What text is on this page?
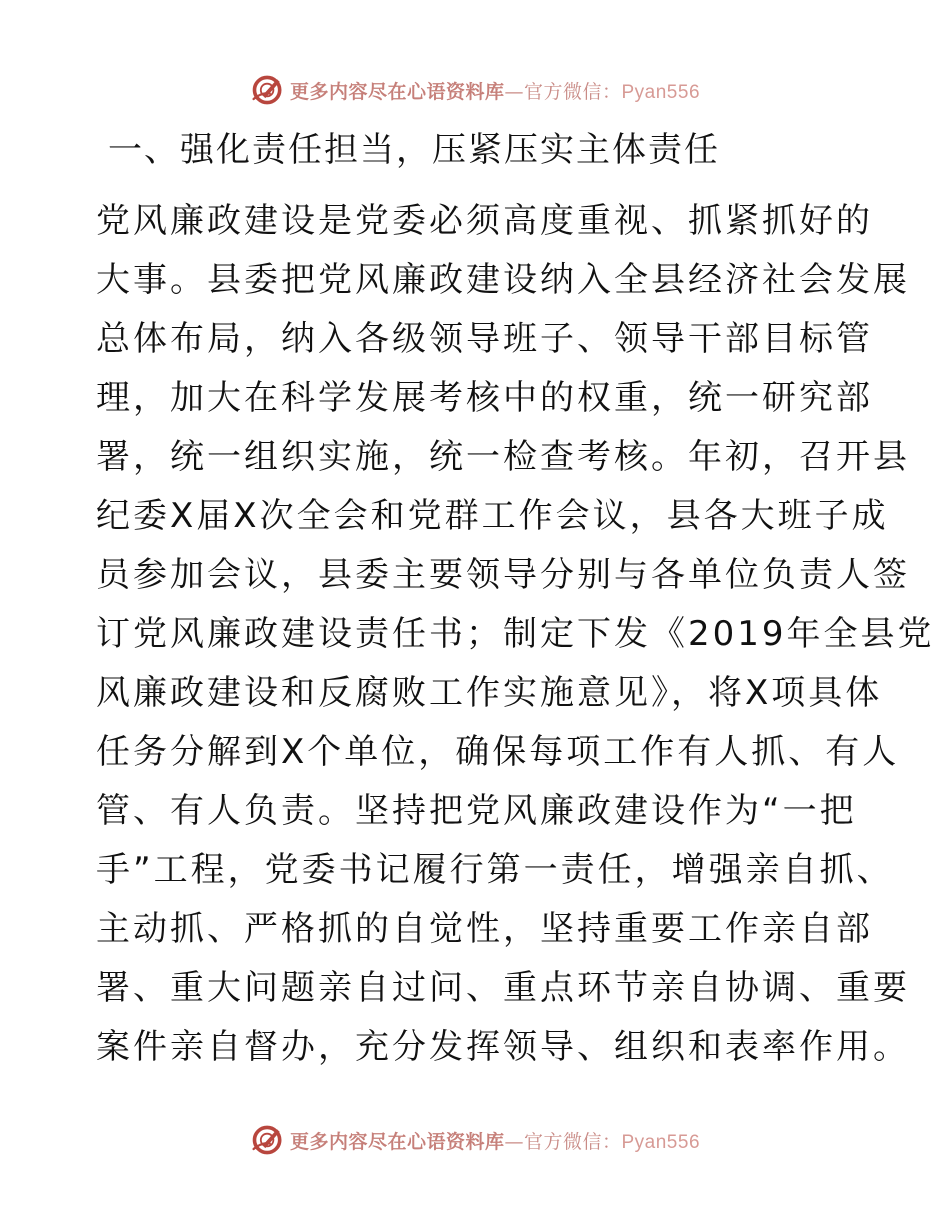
更多内容尽在心语资料库—官方微信：Pyan556
一、强化责任担当，压紧压实主体责任

党风廉政建设是党委必须高度重视、抓紧抓好的
大事。县委把党风廉政建设纳入全县经济社会发展
总体布局，纳入各级领导班子、领导干部目标管
理，加大在科学发展考核中的权重，统一研究部
署，统一组织实施，统一检查考核。年初，召开县
纪委X届X次全会和党群工作会议，县各大班子成
员参加会议，县委主要领导分别与各单位负责人签
订党风廉政建设责任书；制定下发《2019年全县党
风廉政建设和反腐败工作实施意见》，将X项具体
任务分解到X个单位，确保每项工作有人抓、有人
管、有人负责。坚持把党风廉政建设作为“一把
手”工程，党委书记履行第一责任，增强亲自抓、
主动抓、严格抓的自觉性，坚持重要工作亲自部
署、重大问题亲自过问、重点环节亲自协调、重要
案件亲自督办，充分发挥领导、组织和表率作用。

更多内容尽在心语资料库—官方微信：Pyan556
